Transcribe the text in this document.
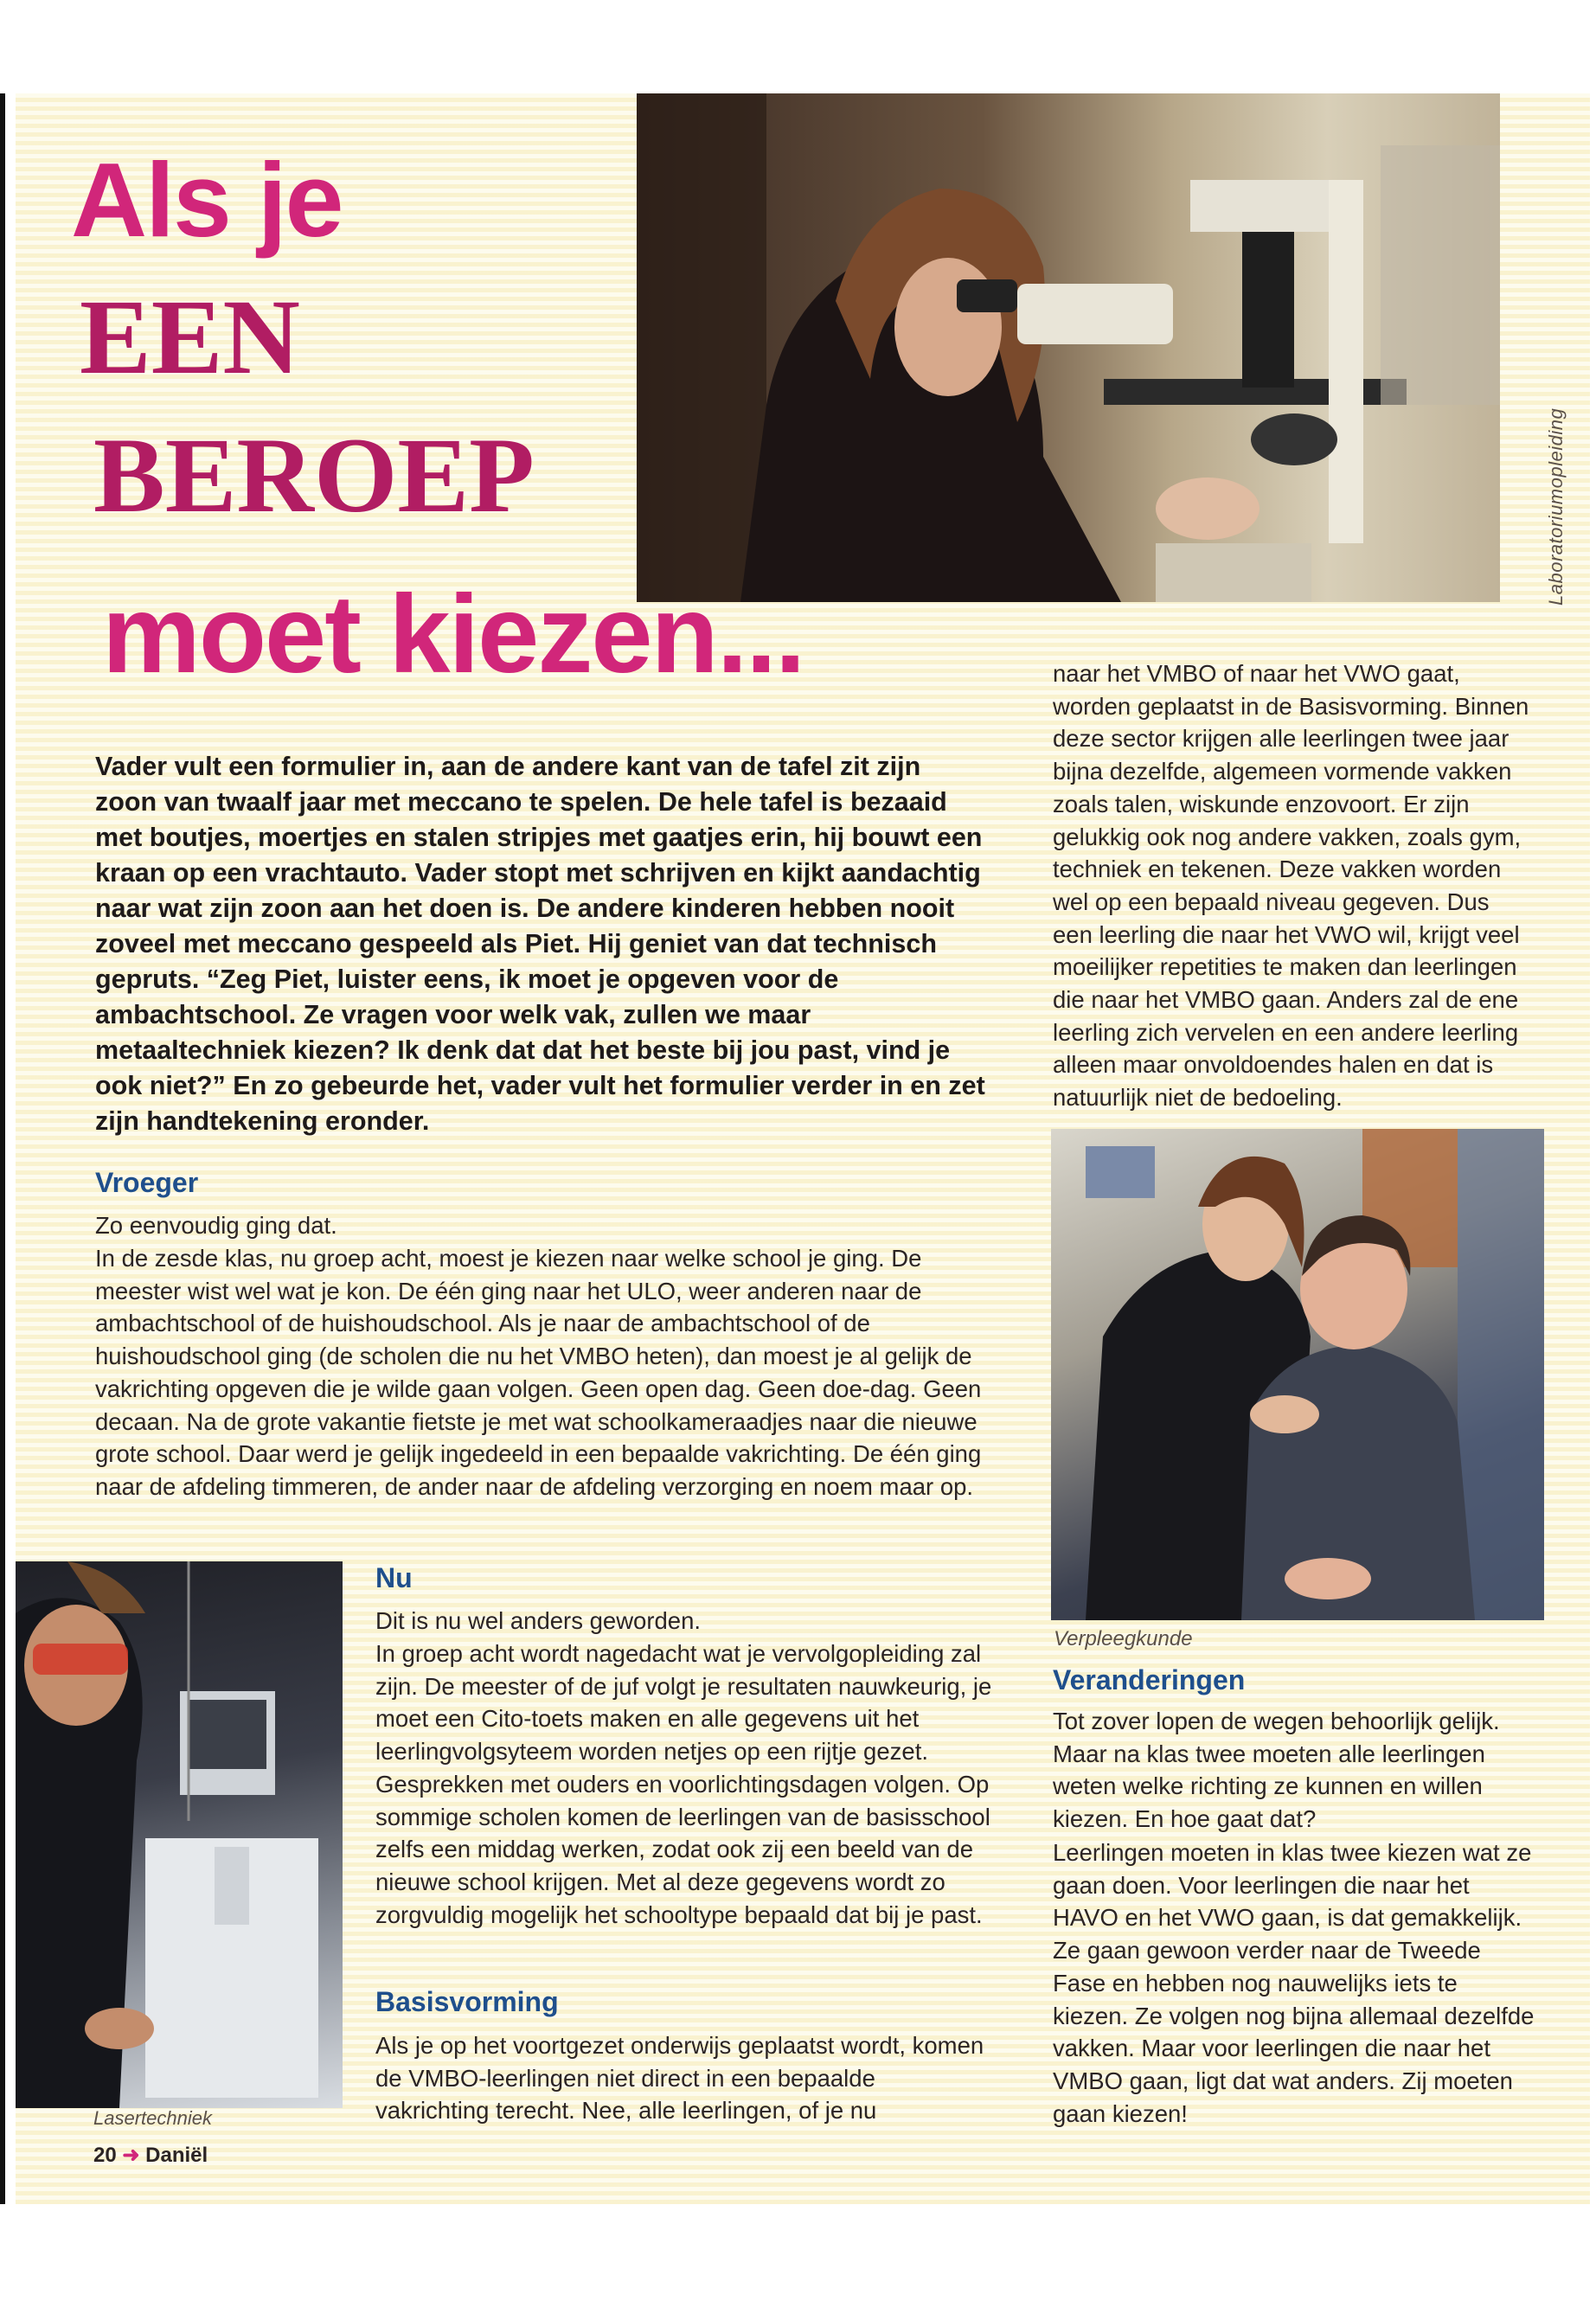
Laboratoriumopleiding

Als je
EEN
BEROEP
moet kiezen...

Vader vult een formulier in, aan de andere kant van de tafel zit zijn zoon van twaalf jaar met meccano te spelen. De hele tafel is bezaaid met boutjes, moertjes en stalen stripjes met gaatjes erin, hij bouwt een kraan op een vrachtauto. Vader stopt met schrijven en kijkt aandachtig naar wat zijn zoon aan het doen is. De andere kinderen hebben nooit zoveel met meccano gespeeld als Piet. Hij geniet van dat technisch gepruts. “Zeg Piet, luister eens, ik moet je opgeven voor de ambachtschool. Ze vragen voor welk vak, zullen we maar metaaltechniek kiezen? Ik denk dat dat het beste bij jou past, vind je ook niet?” En zo gebeurde het, vader vult het formulier verder in en zet zijn handtekening eronder.

Vroeger

Zo eenvoudig ging dat.

In de zesde klas, nu groep acht, moest je kiezen naar welke school je ging. De meester wist wel wat je kon. De één ging naar het ULO, weer anderen naar de ambachtschool of de huishoudschool. Als je naar de ambachtschool of de huishoudschool ging (de scholen die nu het VMBO heten), dan moest je al gelijk de vakrichting opgeven die je wilde gaan volgen. Geen open dag. Geen doe-dag. Geen decaan. Na de grote vakantie fietste je met wat schoolkameraadjes naar die nieuwe grote school. Daar werd je gelijk ingedeeld in een bepaalde vakrichting. De één ging naar de afdeling timmeren, de ander naar de afdeling verzorging en noem maar op.

Lasertechniek

Nu

Dit is nu wel anders geworden.

In groep acht wordt nagedacht wat je vervolgopleiding zal zijn. De meester of de juf volgt je resultaten nauwkeurig, je moet een Cito-toets maken en alle gegevens uit het leerlingvolgsyteem worden netjes op een rijtje gezet. Gesprekken met ouders en voorlichtingsdagen volgen. Op sommige scholen komen de leerlingen van de basisschool zelfs een middag werken, zodat ook zij een beeld van de nieuwe school krijgen. Met al deze gegevens wordt zo zorgvuldig mogelijk het schooltype bepaald dat bij je past.

Basisvorming

Als je op het voortgezet onderwijs geplaatst wordt, komen de VMBO-leerlingen niet direct in een bepaalde vakrichting terecht. Nee, alle leerlingen, of je nu

naar het VMBO of naar het VWO gaat, worden geplaatst in de Basisvorming. Binnen deze sector krijgen alle leerlingen twee jaar bijna dezelfde, algemeen vormende vakken zoals talen, wiskunde enzovoort. Er zijn gelukkig ook nog andere vakken, zoals gym, techniek en tekenen. Deze vakken worden wel op een bepaald niveau gegeven. Dus een leerling die naar het VWO wil, krijgt veel moeilijker repetities te maken dan leerlingen die naar het VMBO gaan. Anders zal de ene leerling zich vervelen en een andere leerling alleen maar onvoldoendes halen en dat is natuurlijk niet de bedoeling.

Verpleegkunde

Veranderingen

Tot zover lopen de wegen behoorlijk gelijk. Maar na klas twee moeten alle leerlingen weten welke richting ze kunnen en willen kiezen. En hoe gaat dat?

Leerlingen moeten in klas twee kiezen wat ze gaan doen. Voor leerlingen die naar het HAVO en het VWO gaan, is dat gemakkelijk. Ze gaan gewoon verder naar de Tweede Fase en hebben nog nauwelijks iets te kiezen. Ze volgen nog bijna allemaal dezelfde vakken. Maar voor leerlingen die naar het VMBO gaan, ligt dat wat anders. Zij moeten gaan kiezen!

20 ➜ Daniël
